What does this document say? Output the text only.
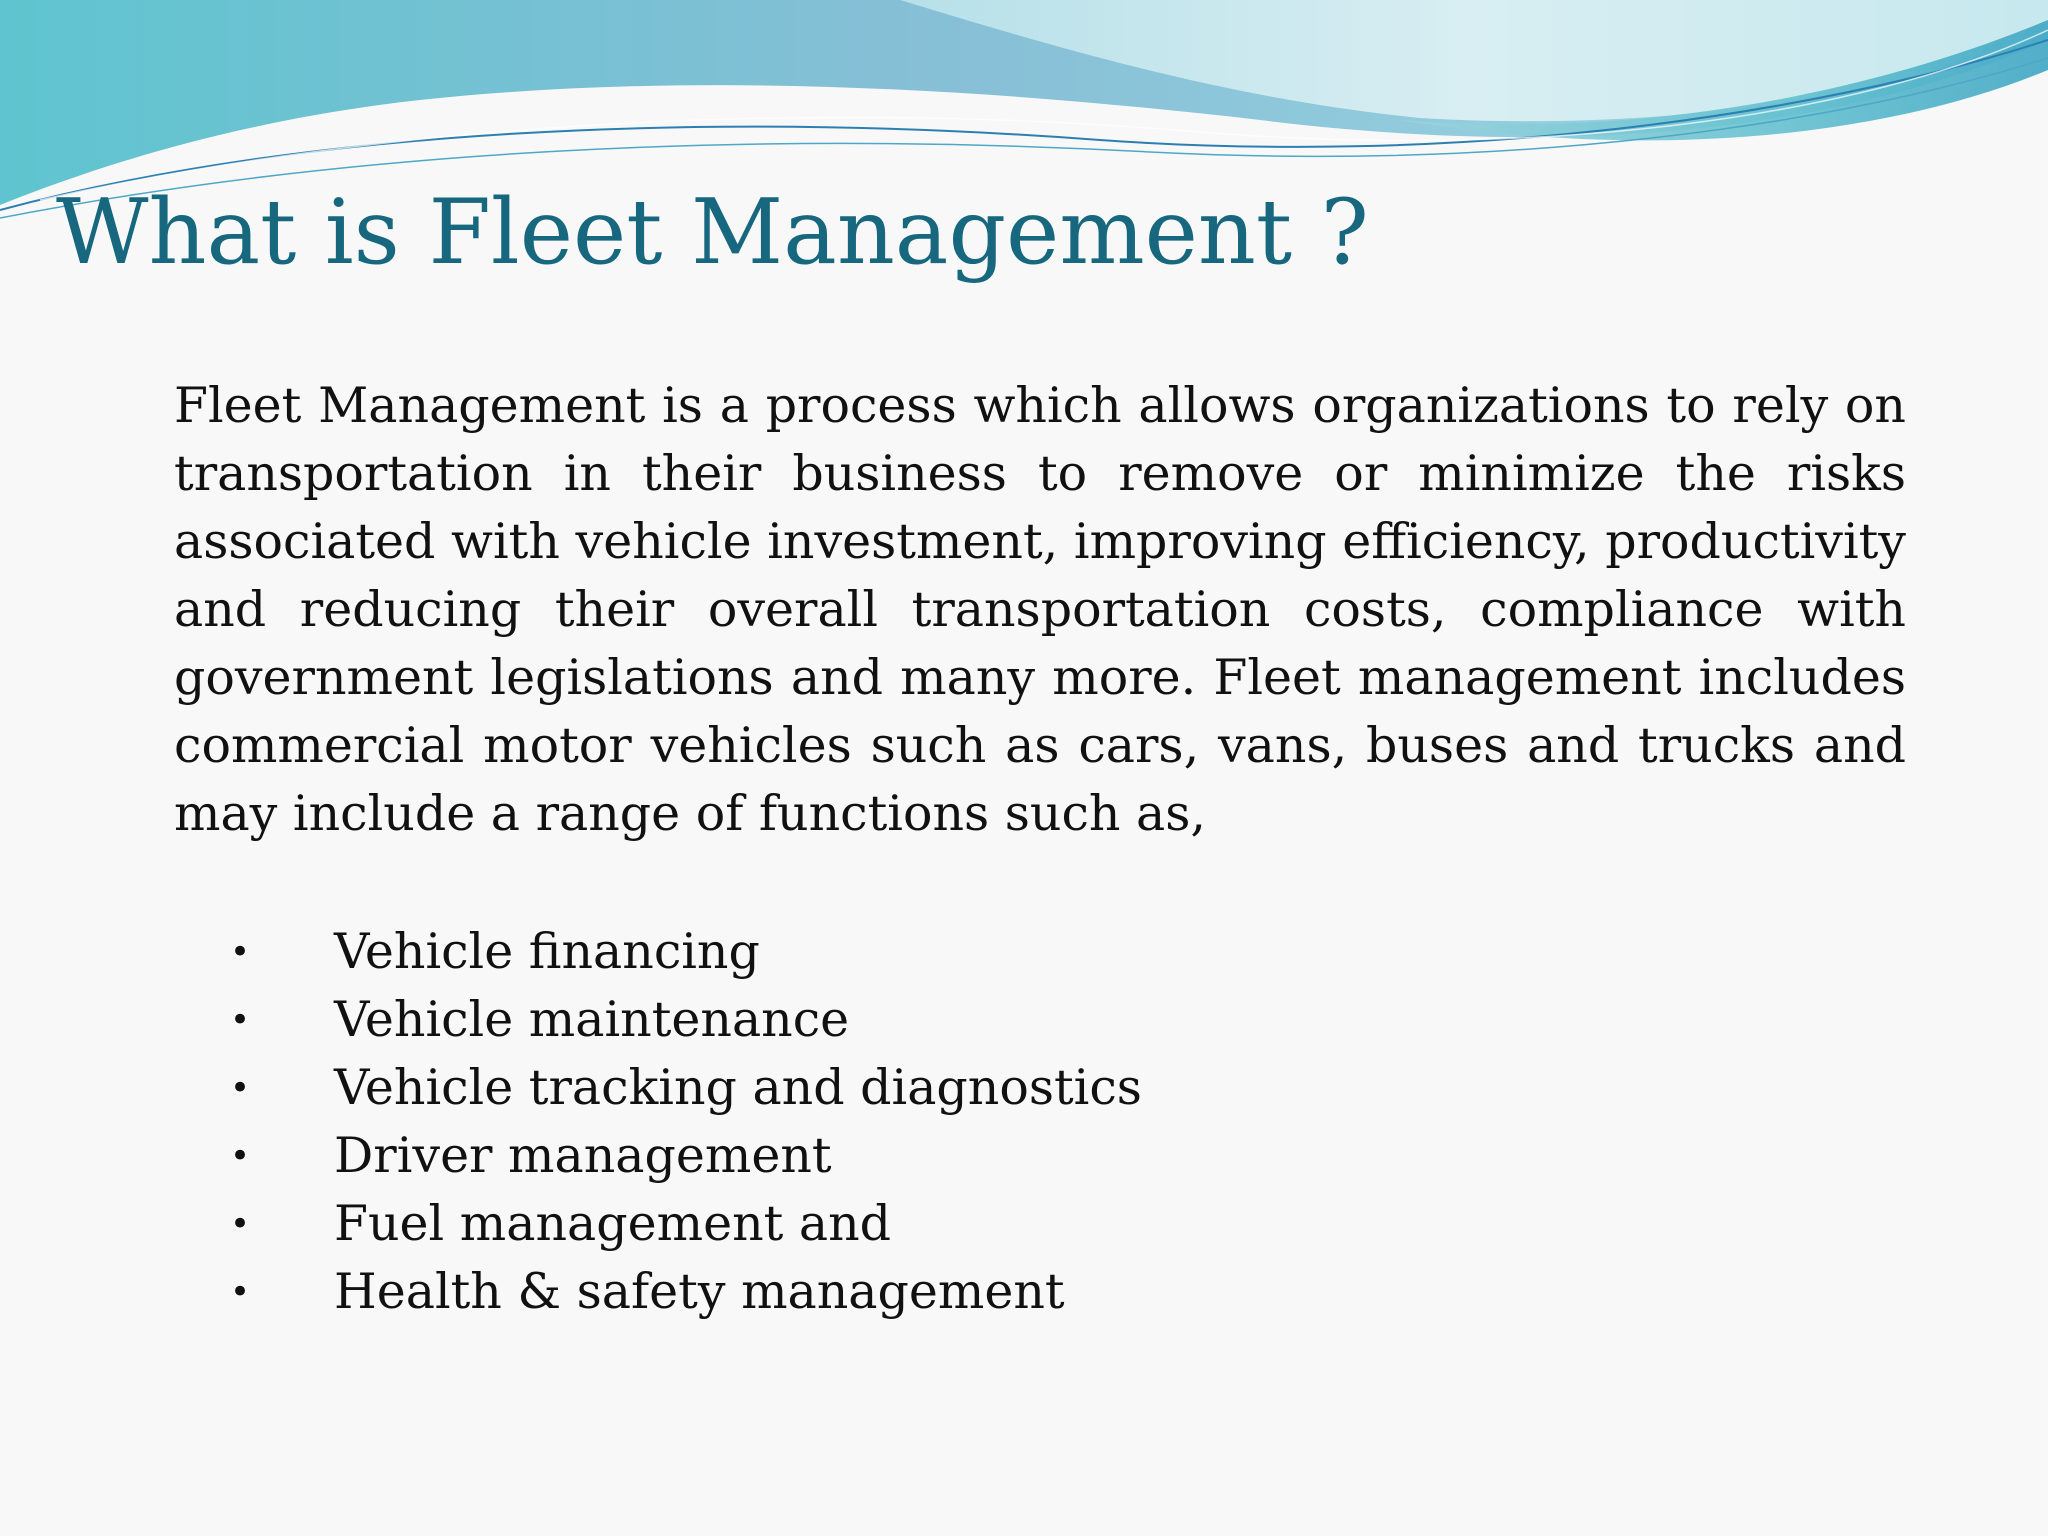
What is Fleet Management ?

Fleet Management is a process which allows organizations to rely on transportation in their business to remove or minimize the risks associated with vehicle investment, improving efficiency, productivity and reducing their overall transportation costs, compliance with government legislations and many more. Fleet management includes commercial motor vehicles such as cars, vans, buses and trucks and may include a range of functions such as,

• Vehicle financing
• Vehicle maintenance
• Vehicle tracking and diagnostics
• Driver management
• Fuel management and
• Health & safety management
